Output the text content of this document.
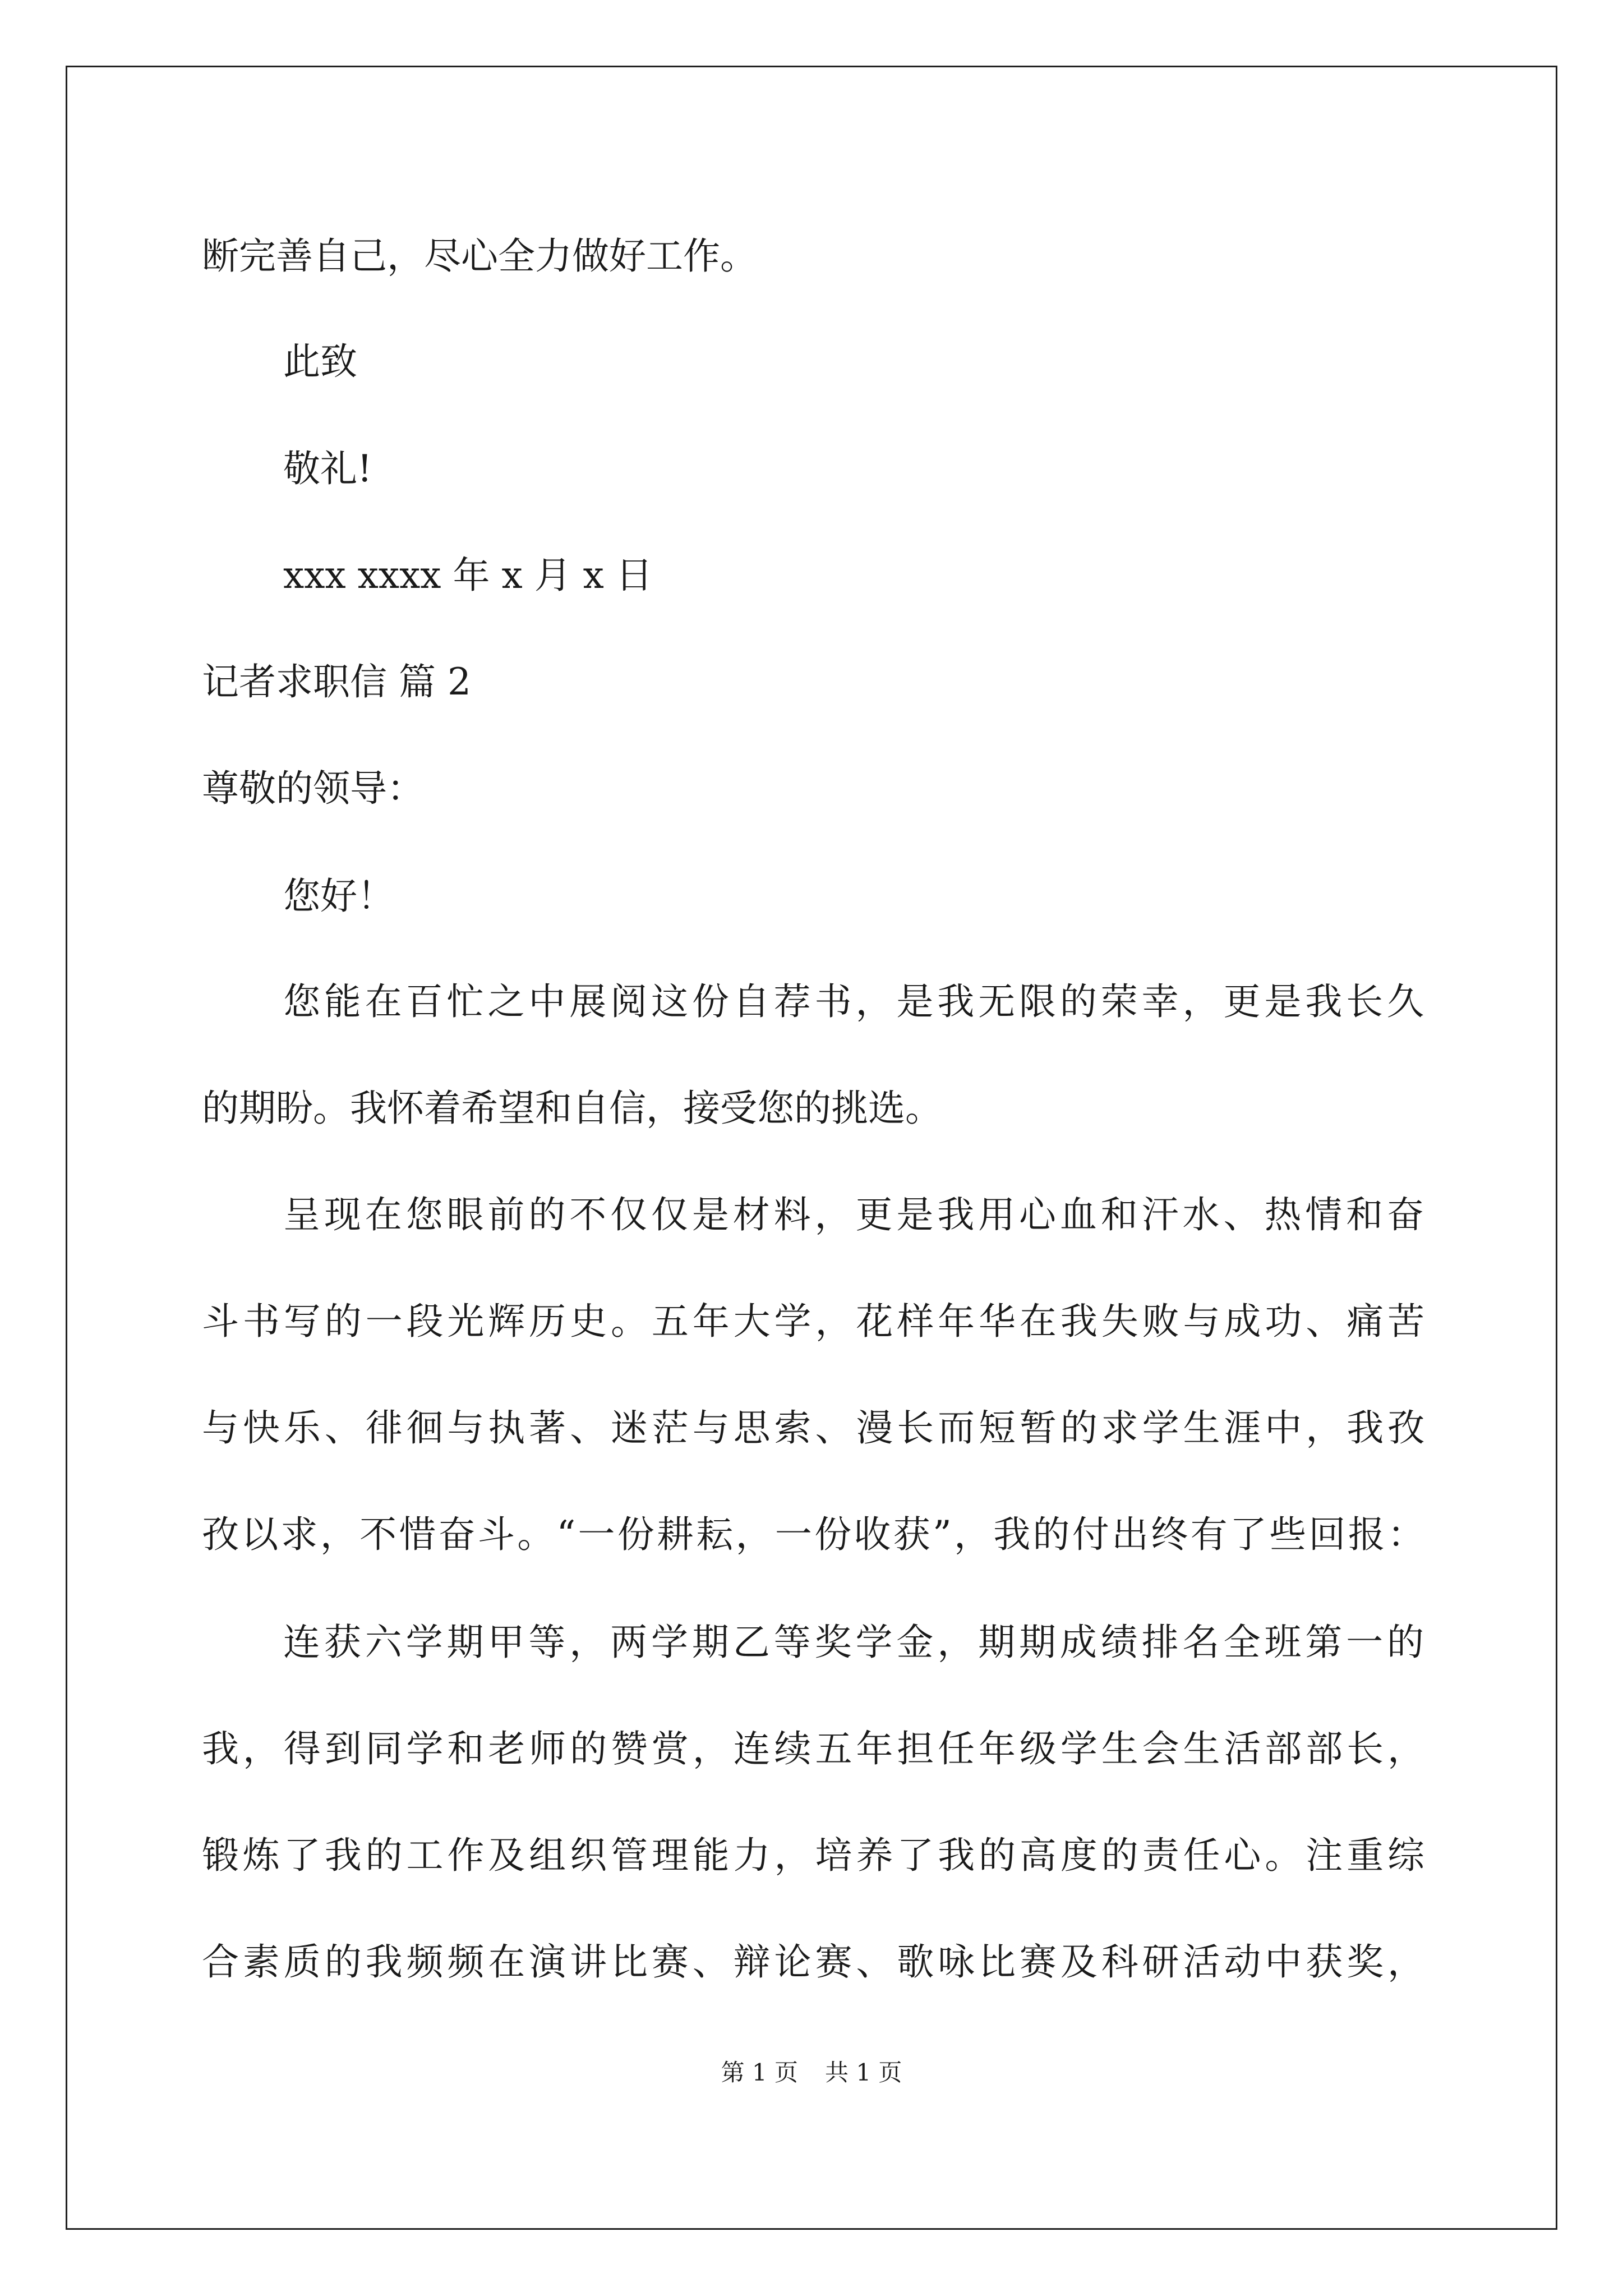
断完善自己，尽心全力做好工作。
此致
敬礼!
xxx xxxx 年 x 月 x 日
记者求职信 篇 2
尊敬的领导：
您好！
您能在百忙之中展阅这份自荐书，是我无限的荣幸，更是我长久
的期盼。我怀着希望和自信，接受您的挑选。
呈现在您眼前的不仅仅是材料，更是我用心血和汗水、热情和奋
斗书写的一段光辉历史。五年大学，花样年华在我失败与成功、痛苦
与快乐、徘徊与执著、迷茫与思索、漫长而短暂的求学生涯中，我孜
孜以求，不惜奋斗。“一份耕耘，一份收获”，我的付出终有了些回报：
连获六学期甲等，两学期乙等奖学金，期期成绩排名全班第一的
我，得到同学和老师的赞赏，连续五年担任年级学生会生活部部长，
锻炼了我的工作及组织管理能力，培养了我的高度的责任心。注重综
合素质的我频频在演讲比赛、辩论赛、歌咏比赛及科研活动中获奖，
第 1 页 共 1 页
